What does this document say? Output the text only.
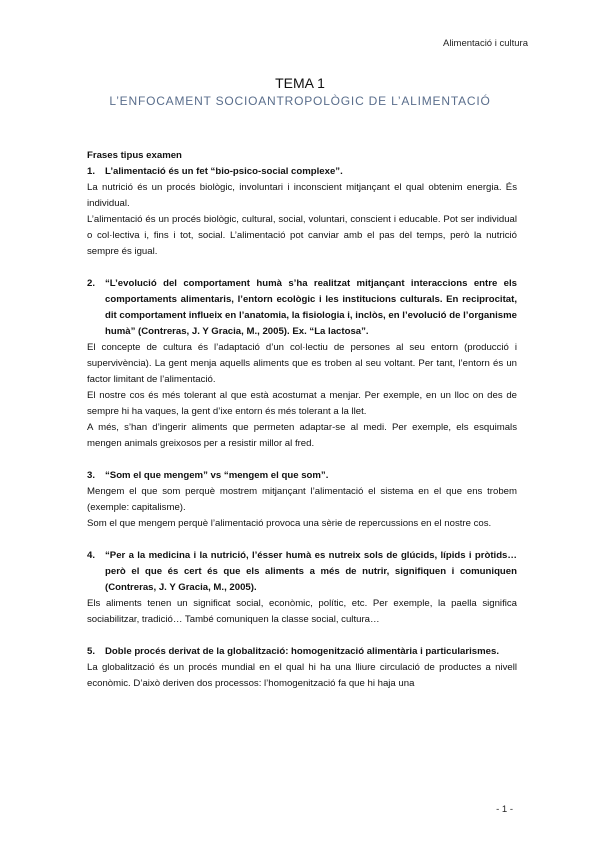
Alimentació i cultura
TEMA 1
L’ENFOCAMENT SOCIOANTROPOLÒGIC DE L’ALIMENTACIÓ

Frases tipus examen

1.	L’alimentació és un fet “bio-psico-social complexe”.

La nutrició és un procés biològic, involuntari i inconscient mitjançant el qual obtenim energia. És individual.

L’alimentació és un procés biològic, cultural, social, voluntari, conscient i educable. Pot ser individual o col·lectiva i, fins i tot, social. L’alimentació pot canviar amb el pas del temps, però la nutrició sempre és igual.

2.	“L’evolució del comportament humà s’ha realitzat mitjançant interaccions entre els comportaments alimentaris, l’entorn ecològic i les institucions culturals. En reciprocitat, dit comportament influeix en l’anatomia, la fisiologia i, inclòs, en l’evolució de l’organisme humà” (Contreras, J. Y Gracia, M., 2005). Ex. “La lactosa”.

El concepte de cultura és l’adaptació d’un col·lectiu de persones al seu entorn (producció i supervivència). La gent menja aquells aliments que es troben al seu voltant. Per tant, l’entorn és un factor limitant de l’alimentació.

El nostre cos és més tolerant al que està acostumat a menjar. Per exemple, en un lloc on des de sempre hi ha vaques, la gent d’ixe entorn és més tolerant a la llet.

A més, s’han d’ingerir aliments que permeten adaptar-se al medi. Per exemple, els esquimals mengen animals greixosos per a resistir millor al fred.

3.	“Som el que mengem” vs “mengem el que som”.

Mengem el que som perquè mostrem mitjançant l’alimentació el sistema en el que ens trobem (exemple: capitalisme).

Som el que mengem perquè l’alimentació provoca una sèrie de repercussions en el nostre cos.

4.	“Per a la medicina i la nutrició, l’ésser humà es nutreix sols de glúcids, lípids i pròtids… però el que és cert és que els aliments a més de nutrir, signifiquen i comuniquen (Contreras, J. Y Gracia, M., 2005).

Els aliments tenen un significat social, econòmic, polític, etc. Per exemple, la paella significa sociabilitzar, tradició… També comuniquen la classe social, cultura…

5.	Doble procés derivat de la globalització: homogenització alimentària i particularismes.

La globalització és un procés mundial en el qual hi ha una lliure circulació de productes a nivell econòmic. D’això deriven dos processos: l’homogenització fa que hi haja una

- 1 -
